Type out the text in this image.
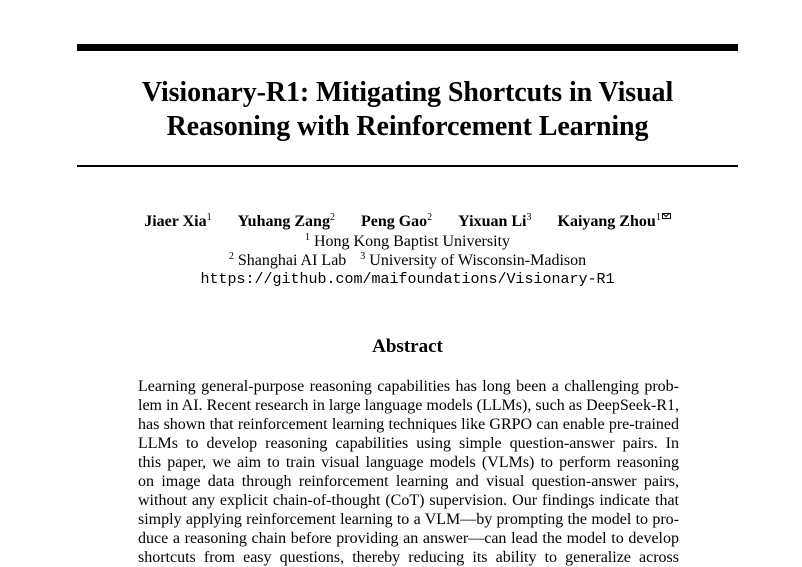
Visionary-R1: Mitigating Shortcuts in Visual
Reasoning with Reinforcement Learning
Jiaer Xia$^1$ Yuhang Zang$^2$ Peng Gao$^2$ Yixuan Li$^3$ Kaiyang Zhou$^1$
$^1$ Hong Kong Baptist University
$^2$ Shanghai AI Lab $^3$ University of Wisconsin-Madison
https://github.com/maifoundations/Visionary-R1
Abstract
Learning general-purpose reasoning capabilities has long been a challenging prob-
lem in AI. Recent research in large language models (LLMs), such as DeepSeek-R1,
has shown that reinforcement learning techniques like GRPO can enable pre-trained
LLMs to develop reasoning capabilities using simple question-answer pairs. In
this paper, we aim to train visual language models (VLMs) to perform reasoning
on image data through reinforcement learning and visual question-answer pairs,
without any explicit chain-of-thought (CoT) supervision. Our findings indicate that
simply applying reinforcement learning to a VLM—by prompting the model to pro-
duce a reasoning chain before providing an answer—can lead the model to develop
shortcuts from easy questions, thereby reducing its ability to generalize across
